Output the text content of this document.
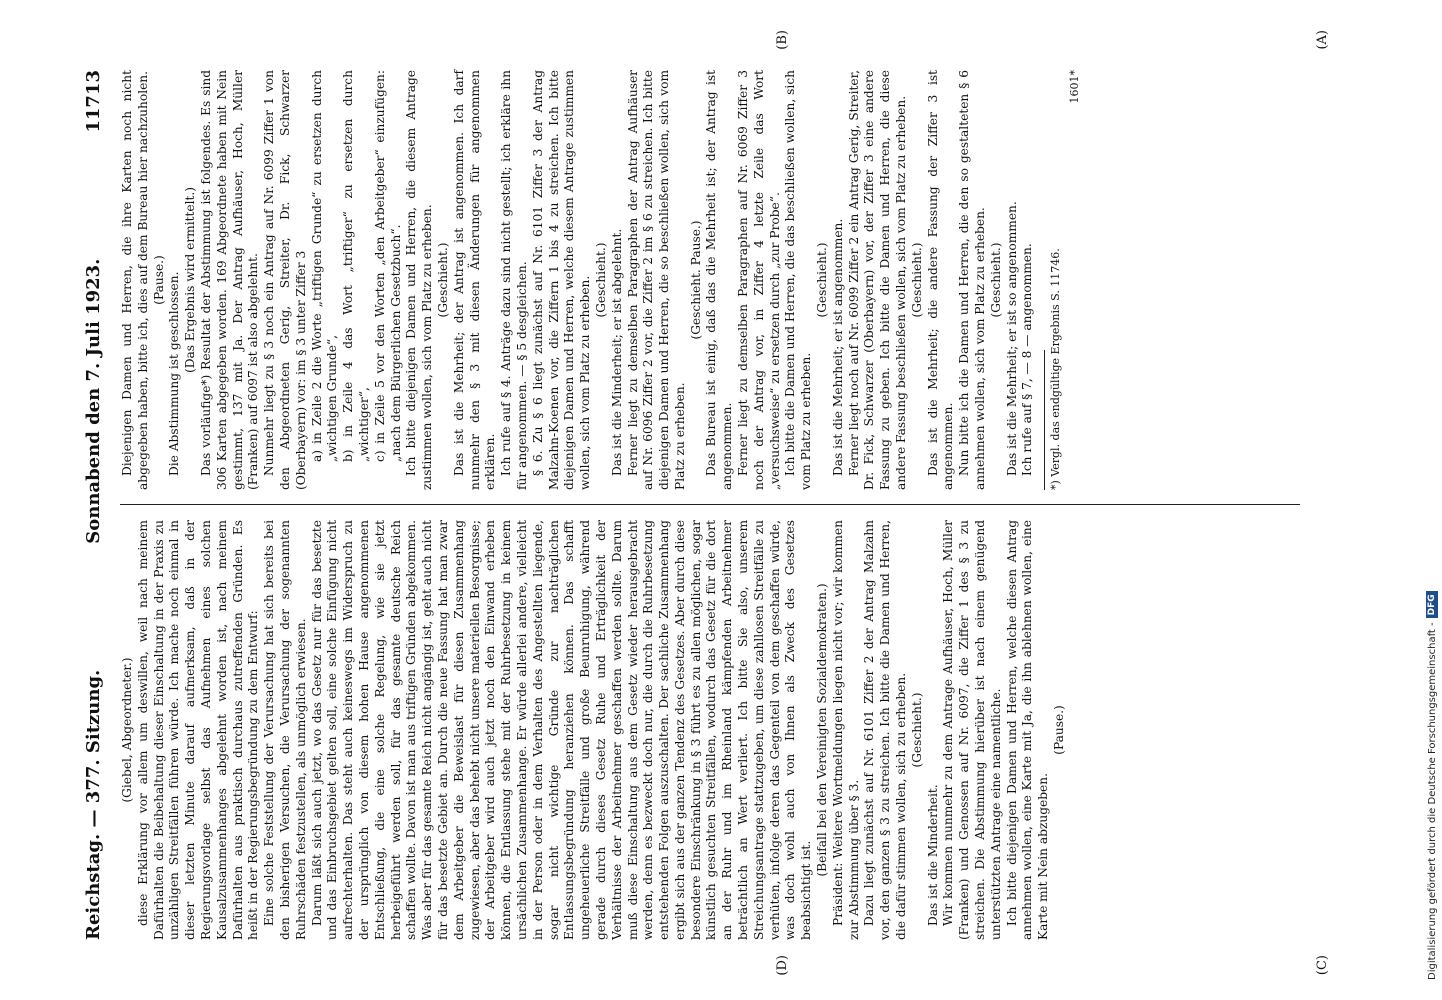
Reichstag. — 377. Sitzung.
Sonnabend den 7. Juli 1923.
11713

(Giebel, Abgeordneter.) diese Erklärung vor allem um deswillen, weil nach meinem Dafürhalten die Beibehaltung dieser Einschaltung in der Praxis zu unzähligen Streitfällen führen würde. Ich mache noch einmal in dieser letzten Minute darauf aufmerksam, daß in der Regierungsvorlage selbst das Aufnehmen eines solchen Kausalzusammenhanges abgelehnt worden ist, nach meinem Dafürhalten aus praktisch durchaus zutreffenden Gründen. Es heißt in der Regierungsbegründung zu dem Entwurf: Eine solche Feststellung der Verursachung hat sich bereits bei den bisherigen Versuchen, die Verursachung der sogenannten Ruhrschäden festzustellen, als unmöglich erwiesen. Darum läßt sich auch jetzt, wo das Gesetz nur für das besetzte und das Einbruchsgebiet gelten soll, eine solche Einfügung nicht aufrechterhalten. Das steht auch keineswegs im Widerspruch zu der ursprünglich von diesem hohen Hause angenommenen Entschließung, die eine solche Regelung, wie sie jetzt herbeigeführt werden soll, für das gesamte deutsche Reich schaffen wollte. Davon ist man aus triftigen Gründen abgekommen. Was aber für das gesamte Reich nicht angängig ist, geht auch nicht für das besetzte Gebiet an. Durch die neue Fassung hat man zwar dem Arbeitgeber die Beweislast für diesen Zusammenhang zugewiesen, aber das behebt nicht unsere materiellen Besorgnisse; der Arbeitgeber wird auch jetzt noch den Einwand erheben können, die Entlassung stehe mit der Ruhrbesetzung in keinem ursächlichen Zusammenhange. Er würde allerlei andere, vielleicht in der Person oder in dem Verhalten des Angestellten liegende, sogar nicht wichtige Gründe zur nachträglichen Entlassungsbegründung heranziehen können. Das schafft ungeheuerliche Streitfälle und große Beunruhigung, während gerade durch dieses Gesetz Ruhe und Erträglichkeit der Verhältnisse der Arbeitnehmer geschaffen werden sollte. Darum muß diese Einschaltung aus dem Gesetz wieder herausgebracht werden, denn es bezweckt doch nur, die durch die Ruhrbesetzung entstehenden Folgen auszuschalten. Der sachliche Zusammenhang ergibt sich aus der ganzen Tendenz des Gesetzes. Aber durch diese besondere Einschränkung in § 3 führt es zu allen möglichen, sogar künstlich gesuchten Streitfällen, wodurch das Gesetz für die dort an der Ruhr und im Rheinland kämpfenden Arbeitnehmer beträchtlich an Wert verliert. Ich bitte Sie also, unserem Streichungsantrage stattzugeben, um diese zahllosen Streitfälle zu verhüten, infolge deren das Gegenteil von dem geschaffen würde, was doch wohl auch von Ihnen als Zweck des Gesetzes beabsichtigt ist.

(Beifall bei den Vereinigten Sozialdemokraten.) Präsident: Weitere Wortmeldungen liegen nicht vor; wir kommen zur Abstimmung über § 3. Dazu liegt zunächst auf Nr. 6101 Ziffer 2 der Antrag Malzahn vor, den ganzen § 3 zu streichen. Ich bitte die Damen und Herren, die dafür stimmen wollen, sich zu erheben. (Geschieht.)

Das ist die Minderheit. Wir kommen nunmehr zu dem Antrage Aufhäuser, Hoch, Müller (Franken) und Genossen auf Nr. 6097, die Ziffer 1 des § 3 zu streichen. Die Abstimmung hierüber ist nach einem genügend unterstützten Antrage eine namentliche. Ich bitte diejenigen Damen und Herren, welche diesen Antrag annehmen wollen, eine Karte mit Ja, die ihn ablehnen wollen, eine Karte mit Nein abzugeben.

(Pause.)

Diejenigen Damen und Herren, die ihre Karten noch nicht abgegeben haben, bitte ich, dies auf dem Bureau hier nachzuholen. (Pause.) Die Abstimmung ist geschlossen. (Das Ergebnis wird ermittelt.) Das vorläufige*) Resultat der Abstimmung ist folgendes. Es sind 306 Karten abgegeben worden. 169 Abgeordnete haben mit Nein gestimmt, 137 mit Ja. Der Antrag Aufhäuser, Hoch, Müller (Franken) auf 6097 ist also abgelehnt. Nunmehr liegt zu § 3 noch ein Antrag auf Nr. 6099 Ziffer 1 von den Abgeordneten Gerig, Streiter, Dr. Fick, Schwarzer (Oberbayern) vor: im § 3 unter Ziffer 3 a) in Zeile 2 die Worte „triftigen Grunde“ zu ersetzen durch „wichtigen Grunde“, b) in Zeile 4 das Wort „triftiger“ zu ersetzen durch „wichtiger“, c) in Zeile 5 vor den Worten „den Arbeitgeber“ einzufügen: „nach dem Bürgerlichen Gesetzbuch“. Ich bitte diejenigen Damen und Herren, die diesem Antrage zustimmen wollen, sich vom Platz zu erheben. (Geschieht.) Das ist die Mehrheit; der Antrag ist angenommen. Ich darf nunmehr den § 3 mit diesen Änderungen für angenommen erklären. Ich rufe auf § 4. Anträge dazu sind nicht gestellt; ich erkläre ihn für angenommen. — § 5 desgleichen. § 6. Zu § 6 liegt zunächst auf Nr. 6101 Ziffer 3 der Antrag Malzahn-Koenen vor, die Ziffern 1 bis 4 zu streichen. Ich bitte diejenigen Damen und Herren, welche diesem Antrage zustimmen wollen, sich vom Platz zu erheben. (Geschieht.) Das ist die Minderheit; er ist abgelehnt. Ferner liegt zu demselben Paragraphen der Antrag Aufhäuser auf Nr. 6096 Ziffer 2 vor, die Ziffer 2 im § 6 zu streichen. Ich bitte diejenigen Damen und Herren, die so beschließen wollen, sich vom Platz zu erheben.

(Geschieht. Pause.) Das Bureau ist einig, daß das die Mehrheit ist; der Antrag ist angenommen. Ferner liegt zu demselben Paragraphen auf Nr. 6069 Ziffer 3 noch der Antrag vor, in Ziffer 4 letzte Zeile das Wort „versuchsweise“ zu ersetzen durch „zur Probe“. Ich bitte die Damen und Herren, die das beschließen wollen, sich vom Platz zu erheben.

(Geschieht.) Das ist die Mehrheit; er ist angenommen. Ferner liegt noch auf Nr. 6099 Ziffer 2 ein Antrag Gerig, Streiter, Dr. Fick, Schwarzer (Oberbayern) vor, der Ziffer 3 eine andere Fassung zu geben. Ich bitte die Damen und Herren, die diese andere Fassung beschließen wollen, sich vom Platz zu erheben. (Geschieht.) Das ist die Mehrheit; die andere Fassung der Ziffer 3 ist angenommen. Nun bitte ich die Damen und Herren, die den so gestalteten § 6 annehmen wollen, sich vom Platz zu erheben. (Geschieht.) Das ist die Mehrheit; er ist so angenommen. Ich rufe auf § 7, — 8 — angenommen. *) Vergl. das endgültige Ergebnis S. 11746.
1601*
(A)
(B)
(C)
(D)	Digitalisierung gefördert durch die Deutsche Forschungsgemeinschaft -
DFG
